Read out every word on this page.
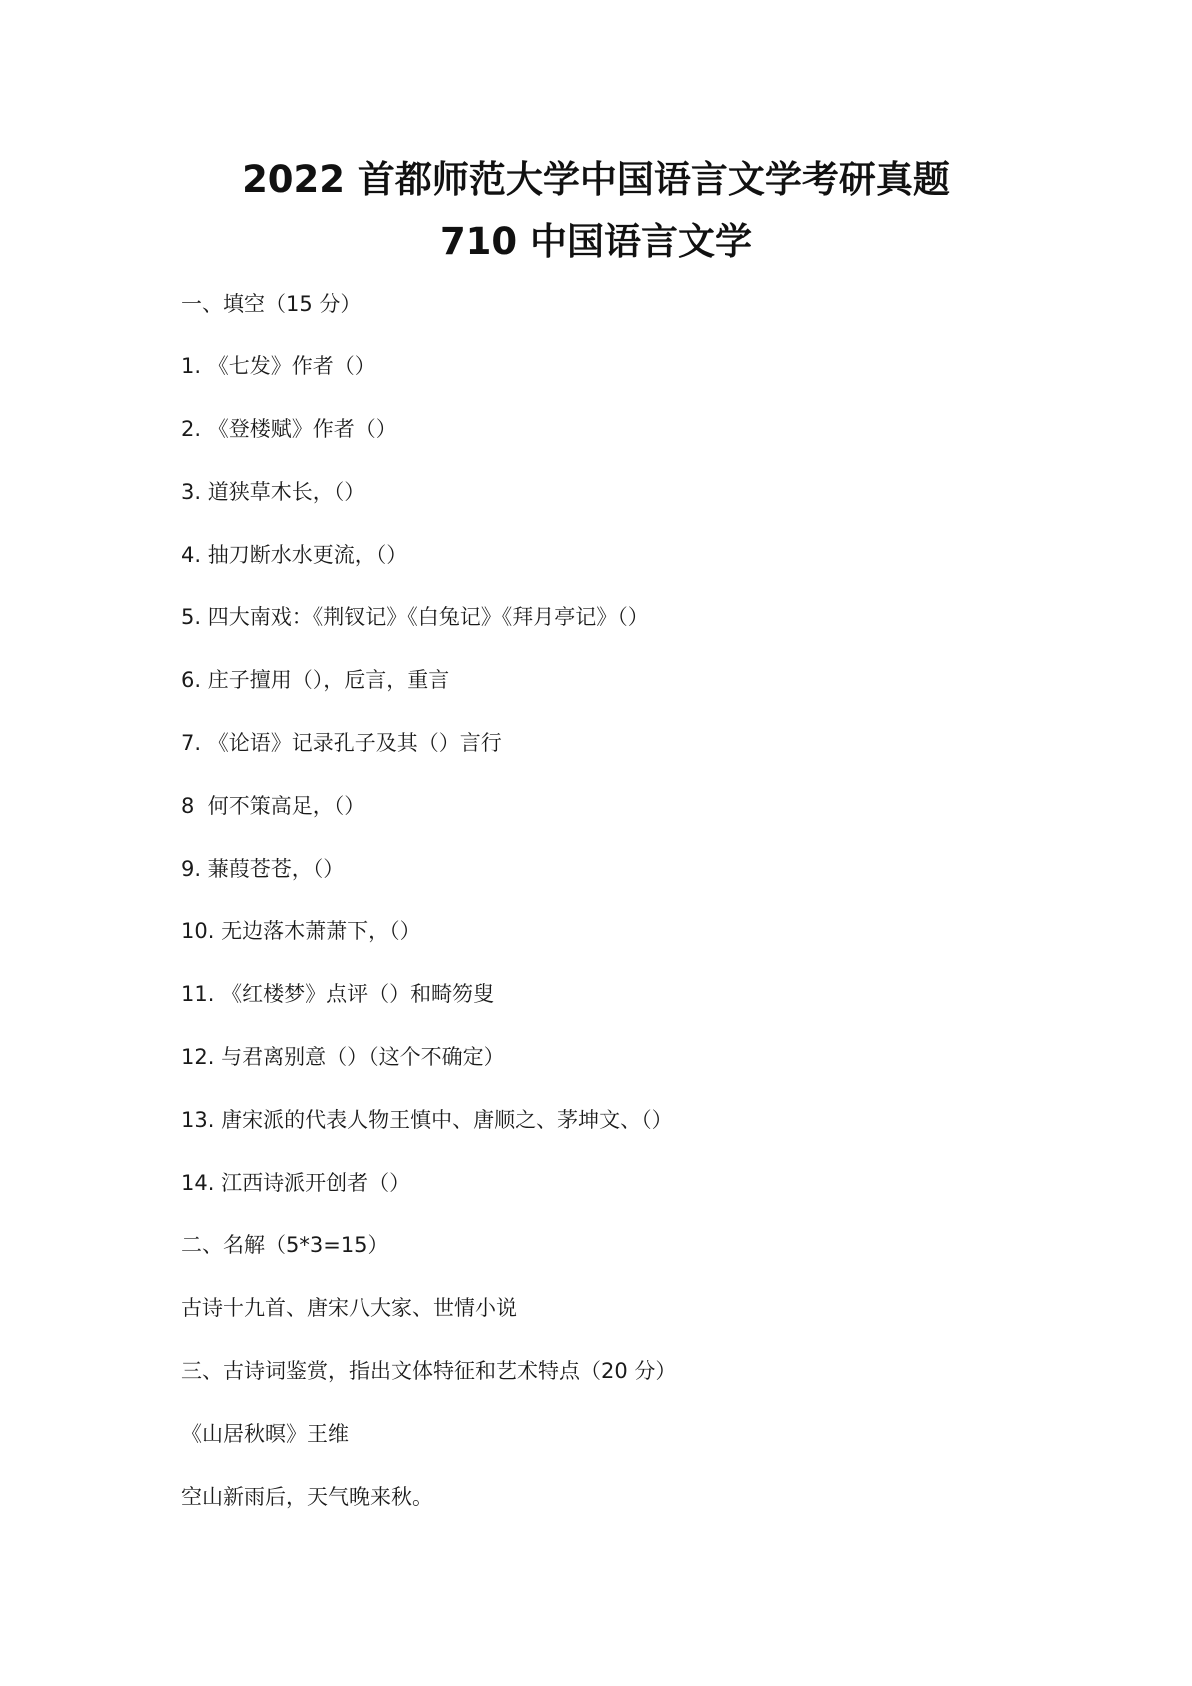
2022 首都师范大学中国语言文学考研真题
710 中国语言文学
一、填空（15 分）
1. 《七发》作者（）
2. 《登楼赋》作者（）
3. 道狭草木长，（）
4. 抽刀断水水更流，（）
5. 四大南戏：《荆钗记》《白兔记》《拜月亭记》（）
6. 庄子擅用（），卮言，重言
7. 《论语》记录孔子及其（）言行
8  何不策高足，（）
9. 蒹葭苍苍，（）
10. 无边落木萧萧下，（）
11. 《红楼梦》点评（）和畸笏叟
12. 与君离别意（）（这个不确定）
13. 唐宋派的代表人物王慎中、唐顺之、茅坤文、（）
14. 江西诗派开创者（）
二、名解（5*3=15）
古诗十九首、唐宋八大家、世情小说
三、古诗词鉴赏，指出文体特征和艺术特点（20 分）
《山居秋暝》王维
空山新雨后，天气晚来秋。
